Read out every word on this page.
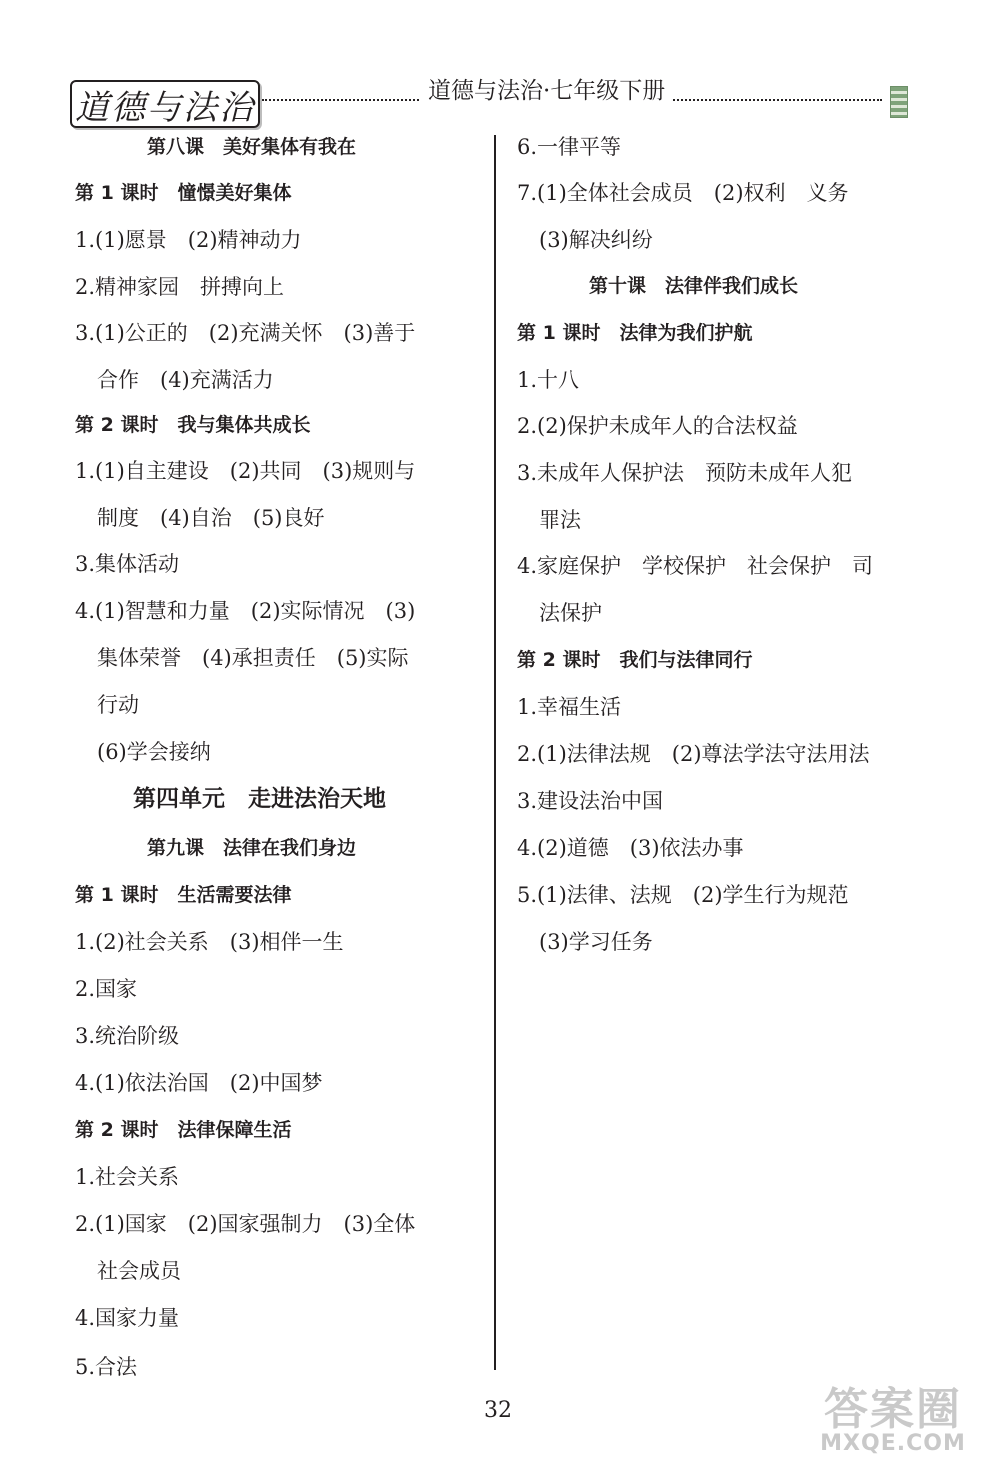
道德与法治	道德与法治·七年级下册
第八课　美好集体有我在
第 1 课时　憧憬美好集体
1.(1)愿景　(2)精神动力
2.精神家园　拼搏向上
3.(1)公正的　(2)充满关怀　(3)善于
合作　(4)充满活力
第 2 课时　我与集体共成长
1.(1)自主建设　(2)共同　(3)规则与
制度　(4)自治　(5)良好
3.集体活动
4.(1)智慧和力量　(2)实际情况　(3)
集体荣誉　(4)承担责任　(5)实际
行动
(6)学会接纳
第四单元　走进法治天地
第九课　法律在我们身边
第 1 课时　生活需要法律
1.(2)社会关系　(3)相伴一生
2.国家
3.统治阶级
4.(1)依法治国　(2)中国梦
第 2 课时　法律保障生活
1.社会关系
2.(1)国家　(2)国家强制力　(3)全体
社会成员
4.国家力量
5.合法
6.一律平等
7.(1)全体社会成员　(2)权利　义务
(3)解决纠纷
第十课　法律伴我们成长
第 1 课时　法律为我们护航
1.十八
2.(2)保护未成年人的合法权益
3.未成年人保护法　预防未成年人犯
罪法
4.家庭保护　学校保护　社会保护　司
法保护
第 2 课时　我们与法律同行
1.幸福生活
2.(1)法律法规　(2)尊法学法守法用法
3.建设法治中国
4.(2)道德　(3)依法办事
5.(1)法律、法规　(2)学生行为规范
(3)学习任务
32	答案圈
MXQE.COM
